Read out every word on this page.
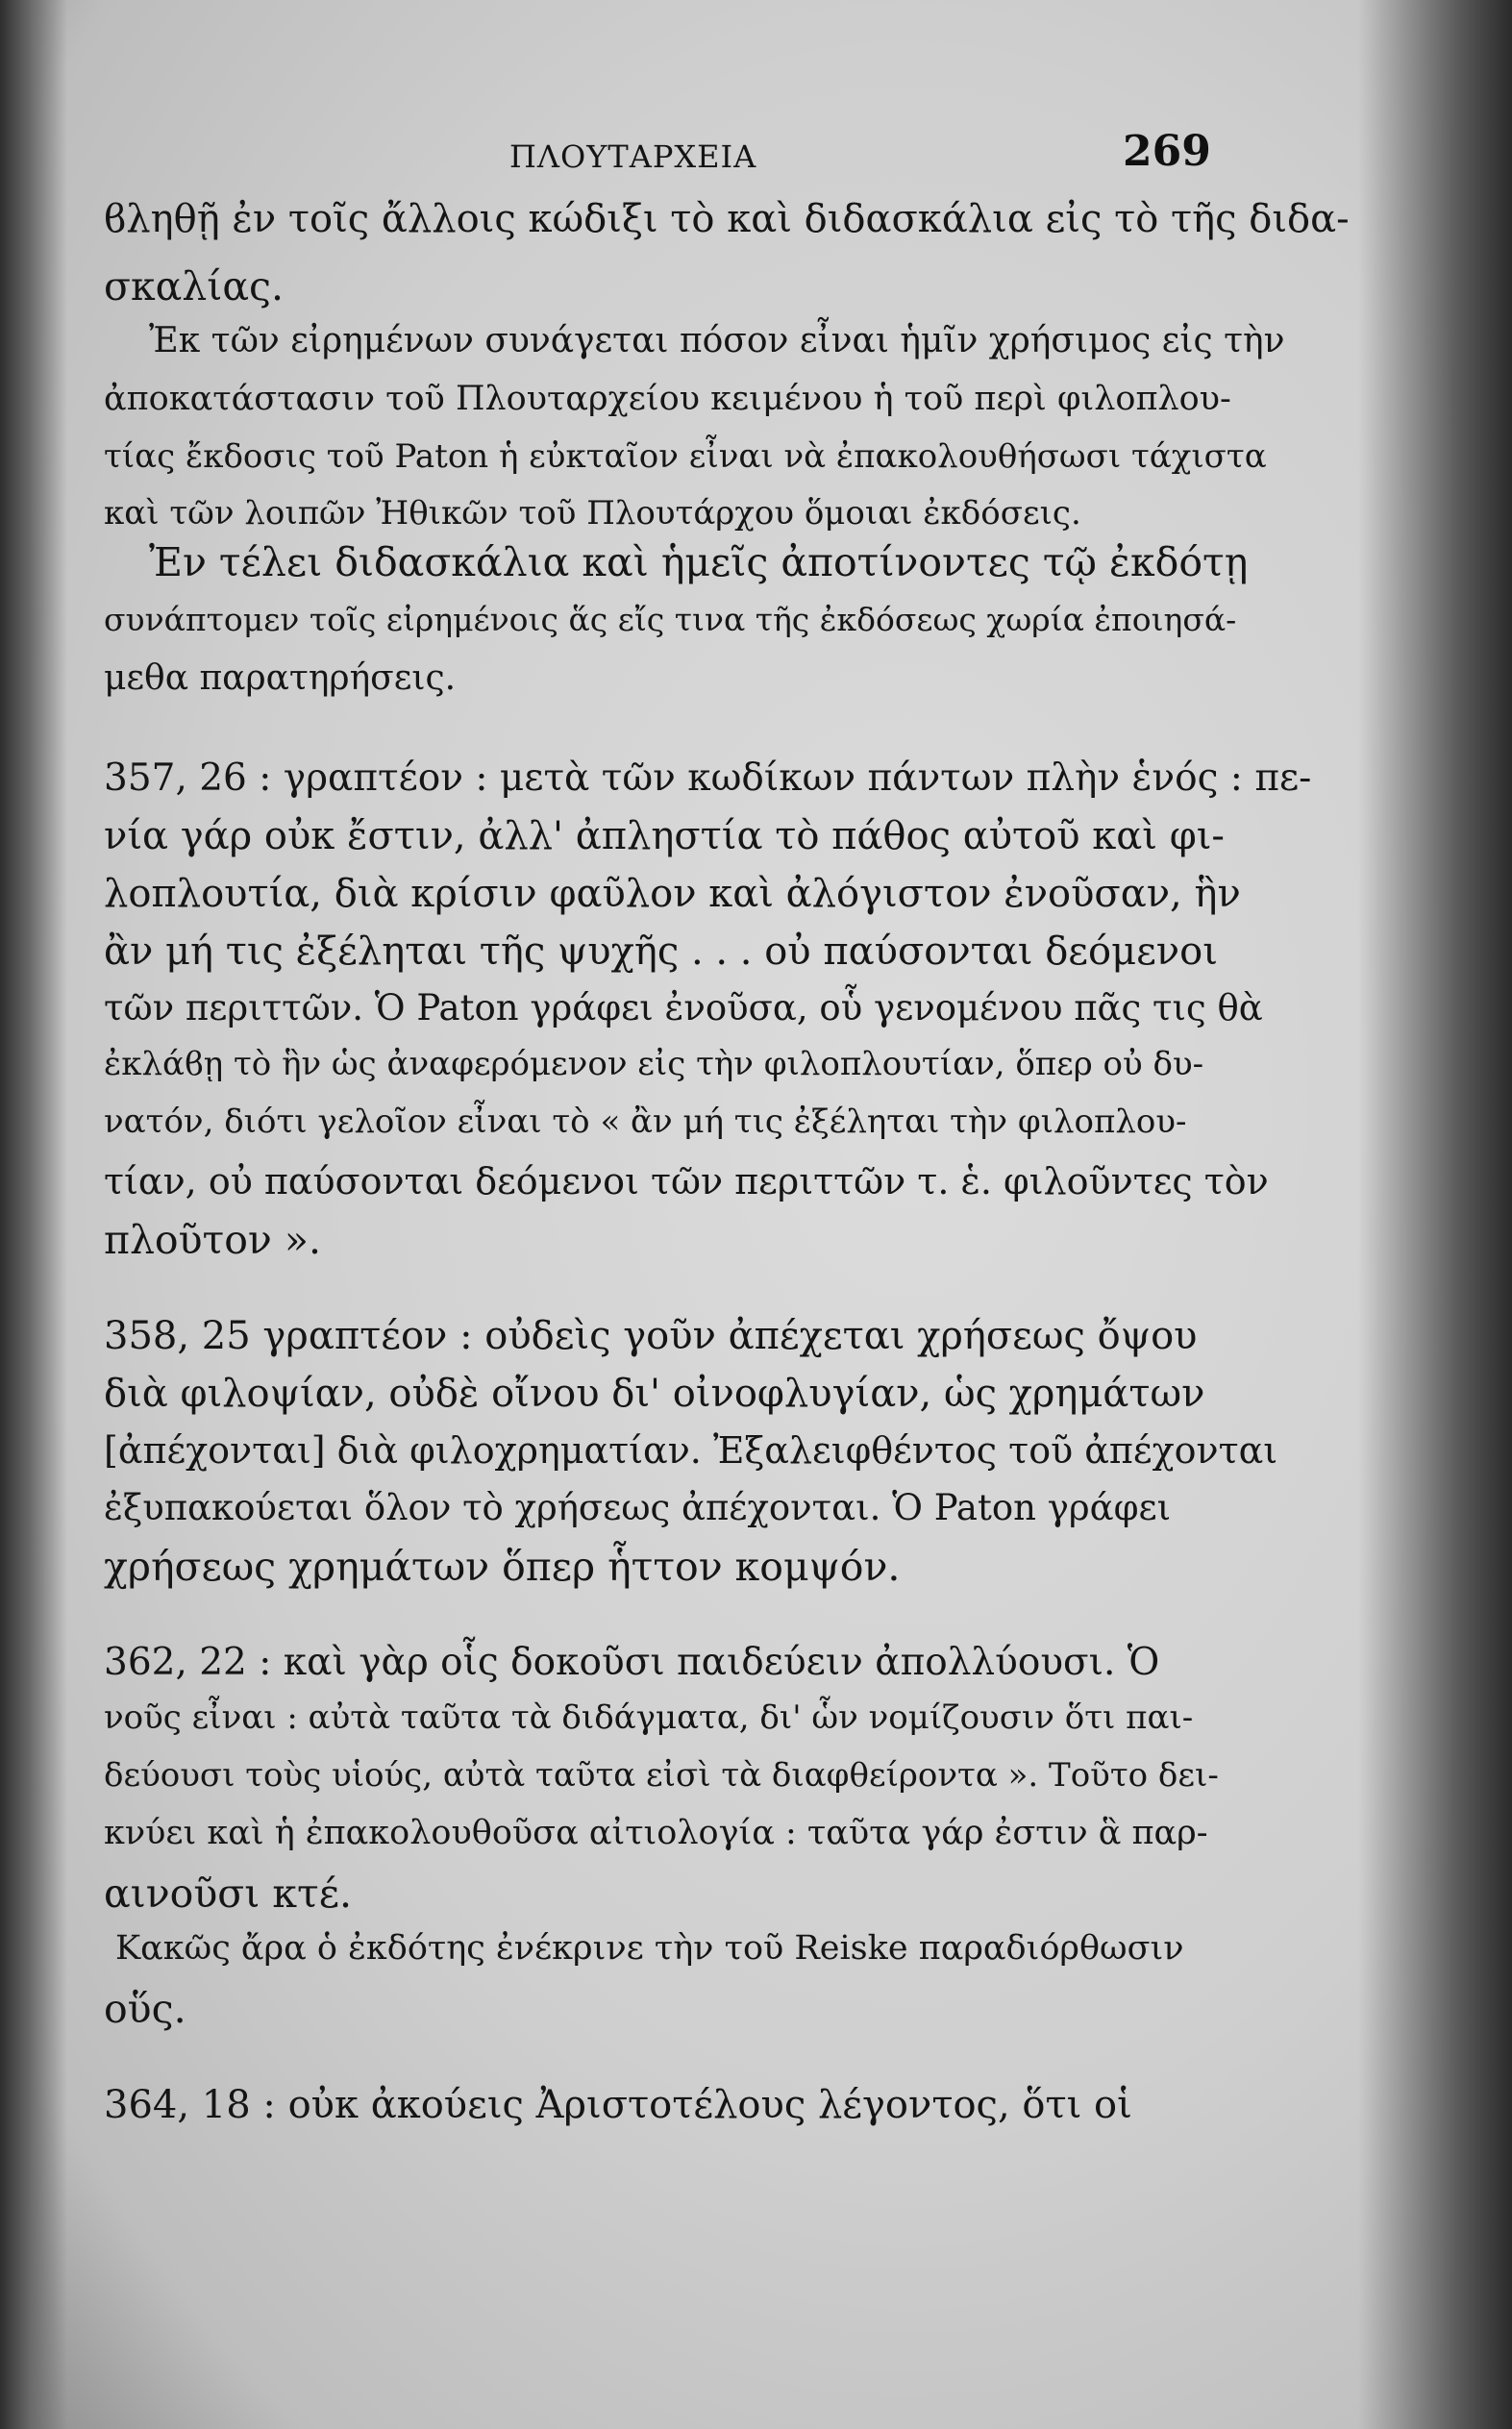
ΠΛΟΥΤΑΡΧΕΙΑ	269
ϐληθῇ ἐν τοῖς ἄλλοις κώδιξι τὸ καὶ διδασκάλια εἰς τὸ τῆς διδα-
σκαλίας.
Ἐκ τῶν εἰρημένων συνάγεται πόσον εἶναι ἡμῖν χρήσιμος εἰς τὴν
ἀποκατάστασιν τοῦ Πλουταρχείου κειμένου ἡ τοῦ περὶ φιλοπλου-
τίας ἔκδοσις τοῦ Paton ἡ εὐκταῖον εἶναι νὰ ἐπακολουθήσωσι τάχιστα
καὶ τῶν λοιπῶν Ἠθικῶν τοῦ Πλουτάρχου ὅμοιαι ἐκδόσεις.
Ἐν τέλει διδασκάλια καὶ ἡμεῖς ἀποτίνοντες τῷ ἐκδότῃ
συνάπτομεν τοῖς εἰρημένοις ἅς εἴς τινα τῆς ἐκδόσεως χωρία ἐποιησά-
μεθα παρατηρήσεις.
357, 26 : γραπτέον : μετὰ τῶν κωδίκων πάντων πλὴν ἑνός : πε-
νία γάρ οὐκ ἔστιν, ἀλλ' ἀπληστία τὸ πάθος αὐτοῦ καὶ φι-
λοπλουτία, διὰ κρίσιν φαῦλον καὶ ἀλόγιστον ἐνοῦσαν, ἣν
ἂν μή τις ἐξέληται τῆς ψυχῆς . . . οὐ παύσονται δεόμενοι
τῶν περιττῶν. Ὁ Paton γράφει ἐνοῦσα, οὗ γενομένου πᾶς τις θὰ
ἐκλάϐῃ τὸ ἣν ὡς ἀναφερόμενον εἰς τὴν φιλοπλουτίαν, ὅπερ οὐ δυ-
νατόν, διότι γελοῖον εἶναι τὸ « ἂν μή τις ἐξέληται τὴν φιλοπλου-
τίαν, οὐ παύσονται δεόμενοι τῶν περιττῶν τ. ἑ. φιλοῦντες τὸν
πλοῦτον ».
358, 25 γραπτέον : οὐδεὶς γοῦν ἀπέχεται χρήσεως ὄψου
διὰ φιλοψίαν, οὐδὲ οἴνου δι' οἰνοφλυγίαν, ὡς χρημάτων
[ἀπέχονται] διὰ φιλοχρηματίαν. Ἐξαλειφθέντος τοῦ ἀπέχονται
ἐξυπακούεται ὅλον τὸ χρήσεως ἀπέχονται. Ὁ Paton γράφει
χρήσεως χρημάτων ὅπερ ἧττον κομψόν.
362, 22 : καὶ γὰρ οἷς δοκοῦσι παιδεύειν ἀπολλύουσι. Ὁ
νοῦς εἶναι : αὐτὰ ταῦτα τὰ διδάγματα, δι' ὧν νομίζουσιν ὅτι παι-
δεύουσι τοὺς υἱούς, αὐτὰ ταῦτα εἰσὶ τὰ διαφθείροντα ». Τοῦτο δει-
κνύει καὶ ἡ ἐπακολουθοῦσα αἰτιολογία : ταῦτα γάρ ἐστιν ἃ παρ-
αινοῦσι κτέ.
Κακῶς ἄρα ὁ ἐκδότης ἐνέκρινε τὴν τοῦ Reiske παραδιόρθωσιν
οὕς.
364, 18 : οὐκ ἀκούεις Ἀριστοτέλους λέγοντος, ὅτι οἱ
